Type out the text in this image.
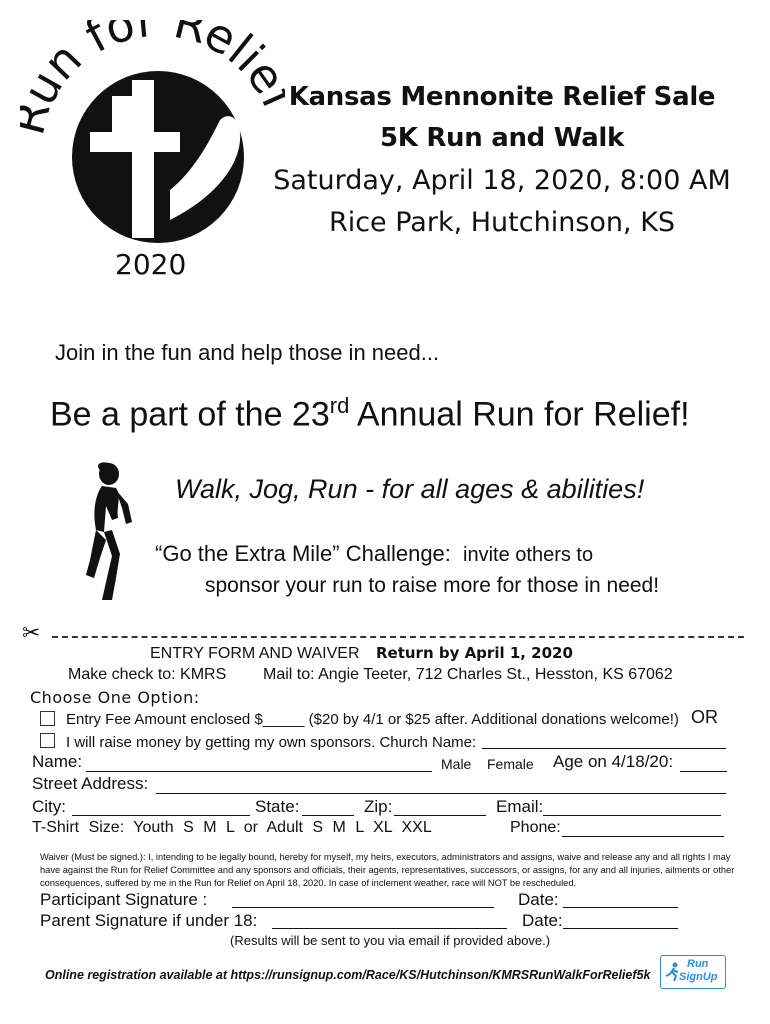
n for Reli
2020
Kansas Mennonite Relief Sale
5K Run and Walk
Saturday, April 18, 2020, 8:00 AM
Rice Park, Hutchinson, KS
Join in the fun and help those in need...
Be a part of the 23rd Annual Run for Relief!
Walk, Jog, Run - for all ages & abilities!
“Go the Extra Mile” Challenge: invite others to
sponsor your run to raise more for those in need!
✂
ENTRY FORM AND WAIVER Return by April 1, 2020
Make check to: KMRS Mail to: Angie Teeter, 712 Charles St., Hesston, KS 67062
Choose One Option:
Entry Fee Amount enclosed $_____ ($20 by 4/1 or $25 after. Additional donations welcome!) OR
I will raise money by getting my own sponsors. Church Name:
Name:	Male Female Age on 4/18/20:
Street Address:
City:	State:	Zip:	Email:
T-Shirt Size: Youth S M L or Adult S M L XL XXL	Phone:
Waiver (Must be signed.): I, intending to be legally bound, hereby for myself, my heirs, executors, administrators and assigns, waive and release any and all rights I may have against the Run for Relief Committee and any sponsors and officials, their agents, representatives, successors, or assigns, for any and all injuries, ailments or other consequences, suffered by me in the Run for Relief on April 18, 2020. In case of inclement weather, race will NOT be rescheduled.
Participant Signature :	Date:
Parent Signature if under 18:	Date:
(Results will be sent to you via email if provided above.)
Online registration available at https://runsignup.com/Race/KS/Hutchinson/KMRSRunWalkForRelief5k
Run
SignUp
